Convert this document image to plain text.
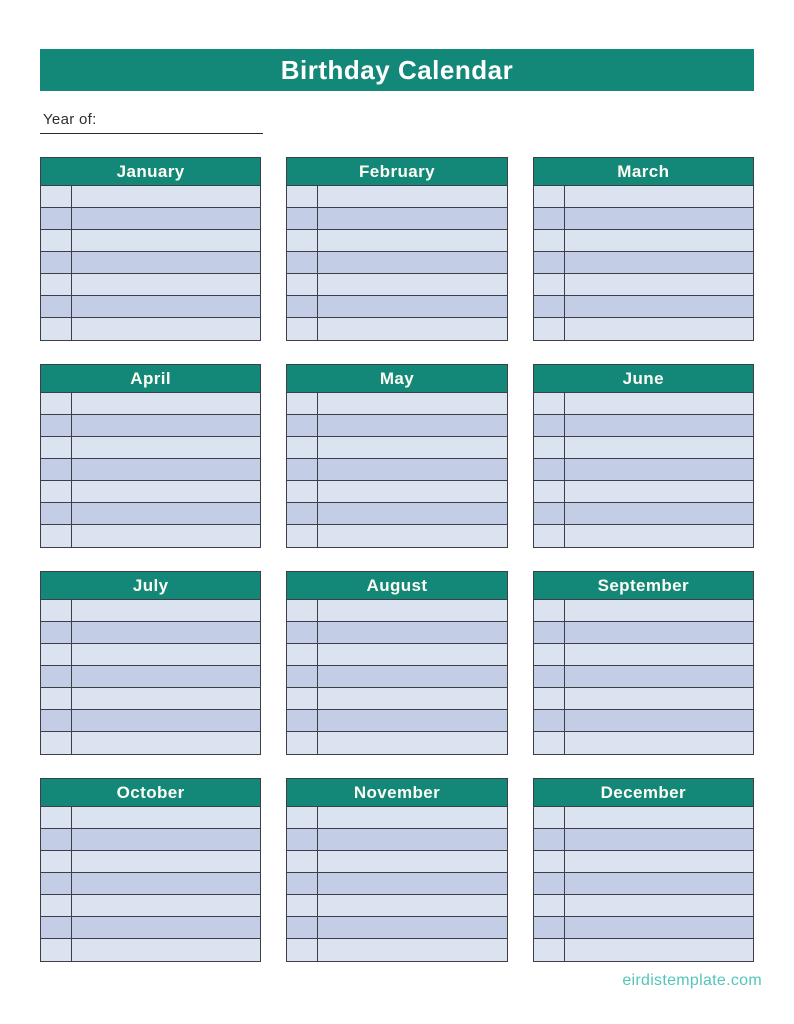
Birthday Calendar
Year of:
January	February	March
April	May	June
July	August	September
October	November	December
eirdistemplate.com
